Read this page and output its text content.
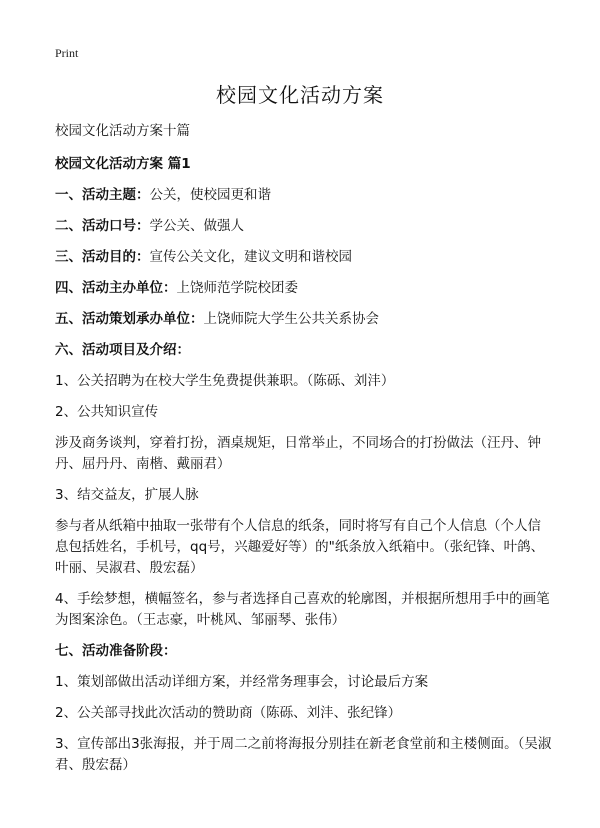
Print
校园文化活动方案

校园文化活动方案十篇

校园文化活动方案 篇1

一、活动主题：公关，使校园更和谐

二、活动口号：学公关、做强人

三、活动目的：宣传公关文化，建议文明和谐校园

四、活动主办单位：上饶师范学院校团委

五、活动策划承办单位：上饶师院大学生公共关系协会

六、活动项目及介绍：

1、公关招聘为在校大学生免费提供兼职。（陈砾、刘沣）

2、公共知识宣传

涉及商务谈判，穿着打扮，酒桌规矩，日常举止，不同场合的打扮做法（汪丹、钟丹、屈丹丹、南楷、戴丽君）

3、结交益友，扩展人脉

参与者从纸箱中抽取一张带有个人信息的纸条，同时将写有自己个人信息（个人信息包括姓名，手机号，qq号，兴趣爱好等）的"纸条放入纸箱中。（张纪锋、叶鸽、叶丽、吴淑君、殷宏磊）

4、手绘梦想，横幅签名，参与者选择自己喜欢的轮廓图，并根据所想用手中的画笔为图案涂色。（王志豪，叶桃风、邹丽琴、张伟）

七、活动准备阶段：

1、策划部做出活动详细方案，并经常务理事会，讨论最后方案

2、公关部寻找此次活动的赞助商（陈砾、刘沣、张纪锋）

3、宣传部出3张海报，并于周二之前将海报分别挂在新老食堂前和主楼侧面。（吴淑君、殷宏磊）
